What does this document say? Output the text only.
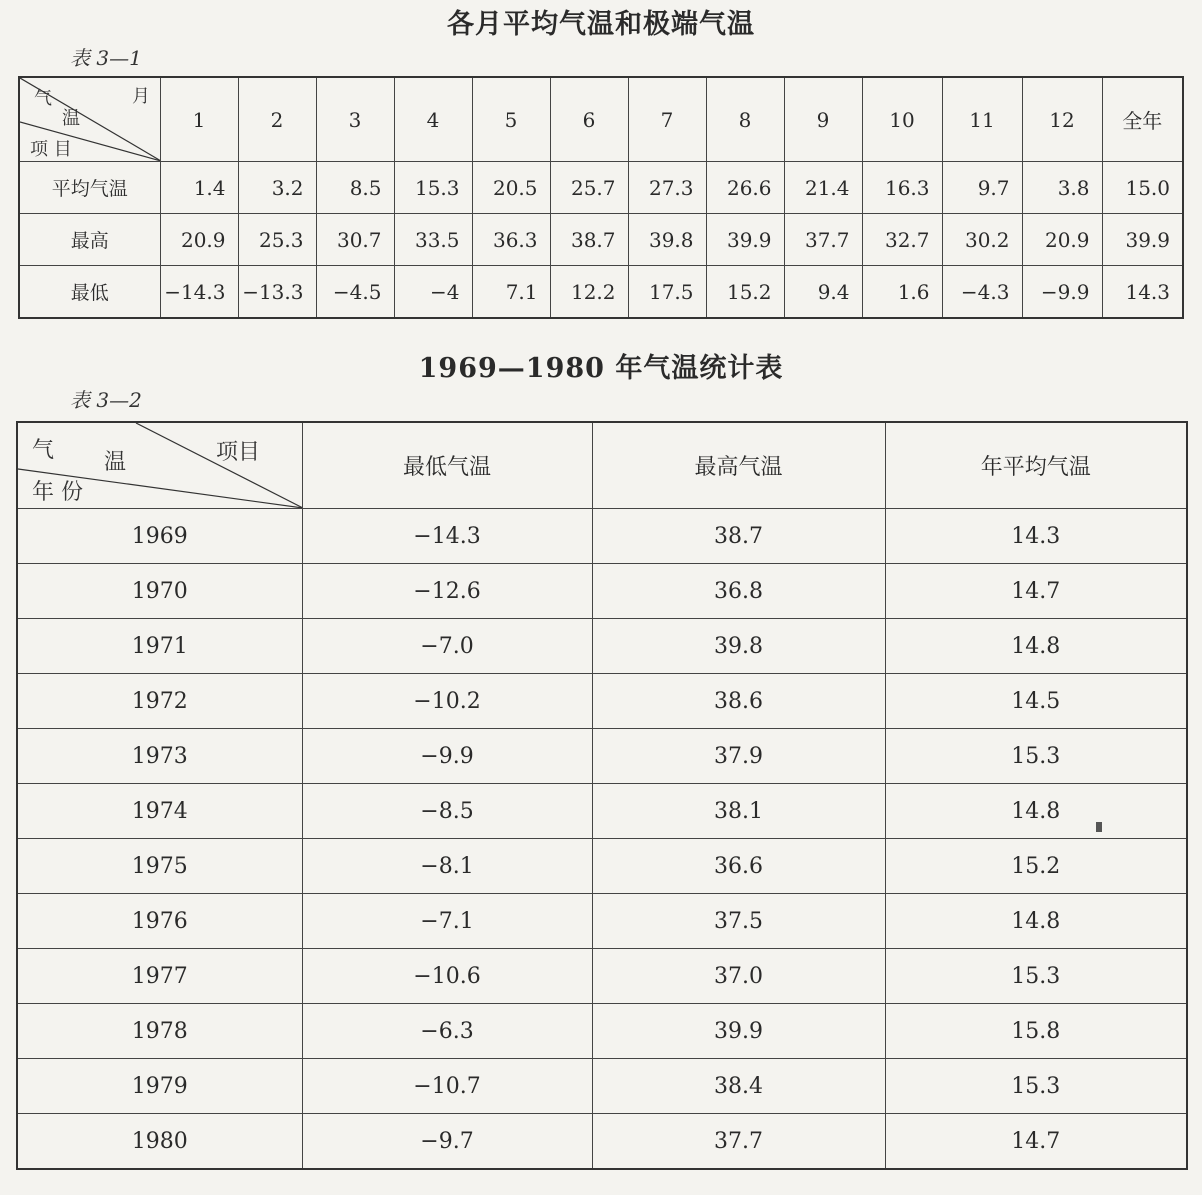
各月平均气温和极端气温
表 3—1
气
温
月
项 目	1	2	3	4	5	6	7	8	9	10	11	12	全年
平均气温	1.4	3.2	8.5	15.3	20.5	25.7	27.3	26.6	21.4	16.3	9.7	3.8	15.0
最高	20.9	25.3	30.7	33.5	36.3	38.7	39.8	39.9	37.7	32.7	30.2	20.9	39.9
最低	−14.3	−13.3	−4.5	−4	7.1	12.2	17.5	15.2	9.4	1.6	−4.3	−9.9	14.3
1969—1980 年气温统计表
表 3—2
气 温 项目
年 份	最低气温	最高气温	年平均气温
1969	−14.3	38.7	14.3
1970	−12.6	36.8	14.7
1971	−7.0	39.8	14.8
1972	−10.2	38.6	14.5
1973	−9.9	37.9	15.3
1974	−8.5	38.1	14.8
1975	−8.1	36.6	15.2
1976	−7.1	37.5	14.8
1977	−10.6	37.0	15.3
1978	−6.3	39.9	15.8
1979	−10.7	38.4	15.3
1980	−9.7	37.7	14.7
